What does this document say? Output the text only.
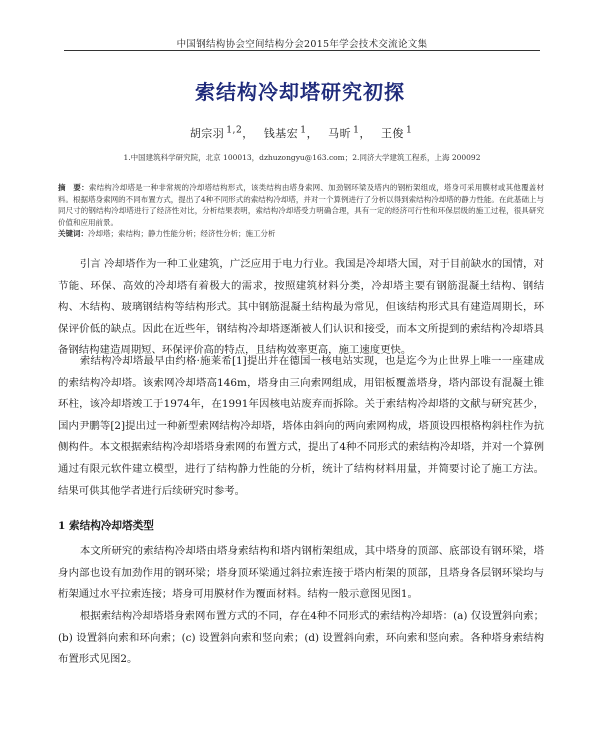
中国钢结构协会空间结构分会2015年学会技术交流论文集
索结构冷却塔研究初探
胡宗羽 $^{1,2}$， 钱基宏 $^1$， 马昕 $^1$， 王俊 $^1$
1.中国建筑科学研究院，北京 100013，dzhuzongyu@163.com；2.同济大学建筑工程系，上海 200092
摘　要：索结构冷却塔是一种非常规的冷却塔结构形式，该类结构由塔身索网、加劲钢环梁及塔内的钢桁架组成，塔身可采用膜材或其他覆盖材料。根据塔身索网的不同布置方式，提出了4种不同形式的索结构冷却塔，并对一个算例进行了分析以得到索结构冷却塔的静力性能。在此基础上与同尺寸的钢结构冷却塔进行了经济性对比，分析结果表明，索结构冷却塔受力明确合理，具有一定的经济可行性和环保层级的施工过程，很具研究价值和应用前景。
关键词：冷却塔；索结构；静力性能分析；经济性分析；施工分析
引言 冷却塔作为一种工业建筑，广泛应用于电力行业。我国是冷却塔大国，对于目前缺水的国情，对节能、环保、高效的冷却塔有着极大的需求，按照建筑材料分类，冷却塔主要有钢筋混凝土结构、钢结构、木结构、玻璃钢结构等结构形式。其中钢筋混凝土结构最为常见，但该结构形式具有建造周期长，环保评价低的缺点。因此在近些年，钢结构冷却塔逐渐被人们认识和接受，而本文所提到的索结构冷却塔具备钢结构建造周期短、环保评价高的特点，且结构效率更高，施工速度更快。
索结构冷却塔最早由约格·施莱希[1]提出并在德国一核电站实现，也是迄今为止世界上唯一一座建成的索结构冷却塔。该索网冷却塔高146m，塔身由三向索网组成，用铝板覆盖塔身，塔内部设有混凝土锥环柱，该冷却塔竣工于1974年，在1991年因核电站废弃而拆除。关于索结构冷却塔的文献与研究甚少，国内尹鹏等[2]提出过一种新型索网结构冷却塔，塔体由斜向的两向索网构成，塔顶设四根格构斜柱作为抗侧构件。本文根据索结构冷却塔塔身索网的布置方式，提出了4种不同形式的索结构冷却塔，并对一个算例通过有限元软件建立模型，进行了结构静力性能的分析，统计了结构材料用量，并简要讨论了施工方法。结果可供其他学者进行后续研究时参考。
1 索结构冷却塔类型
本文所研究的索结构冷却塔由塔身索结构和塔内钢桁架组成，其中塔身的顶部、底部设有钢环梁，塔身内部也设有加劲作用的钢环梁；塔身顶环梁通过斜拉索连接于塔内桁架的顶部，且塔身各层钢环梁均与桁架通过水平拉索连接；塔身可用膜材作为覆面材料。结构一般示意图见图1。
根据索结构冷却塔塔身索网布置方式的不同，存在4种不同形式的索结构冷却塔：(a) 仅设置斜向索；(b) 设置斜向索和环向索；(c) 设置斜向索和竖向索；(d) 设置斜向索，环向索和竖向索。各种塔身索结构布置形式见图2。
